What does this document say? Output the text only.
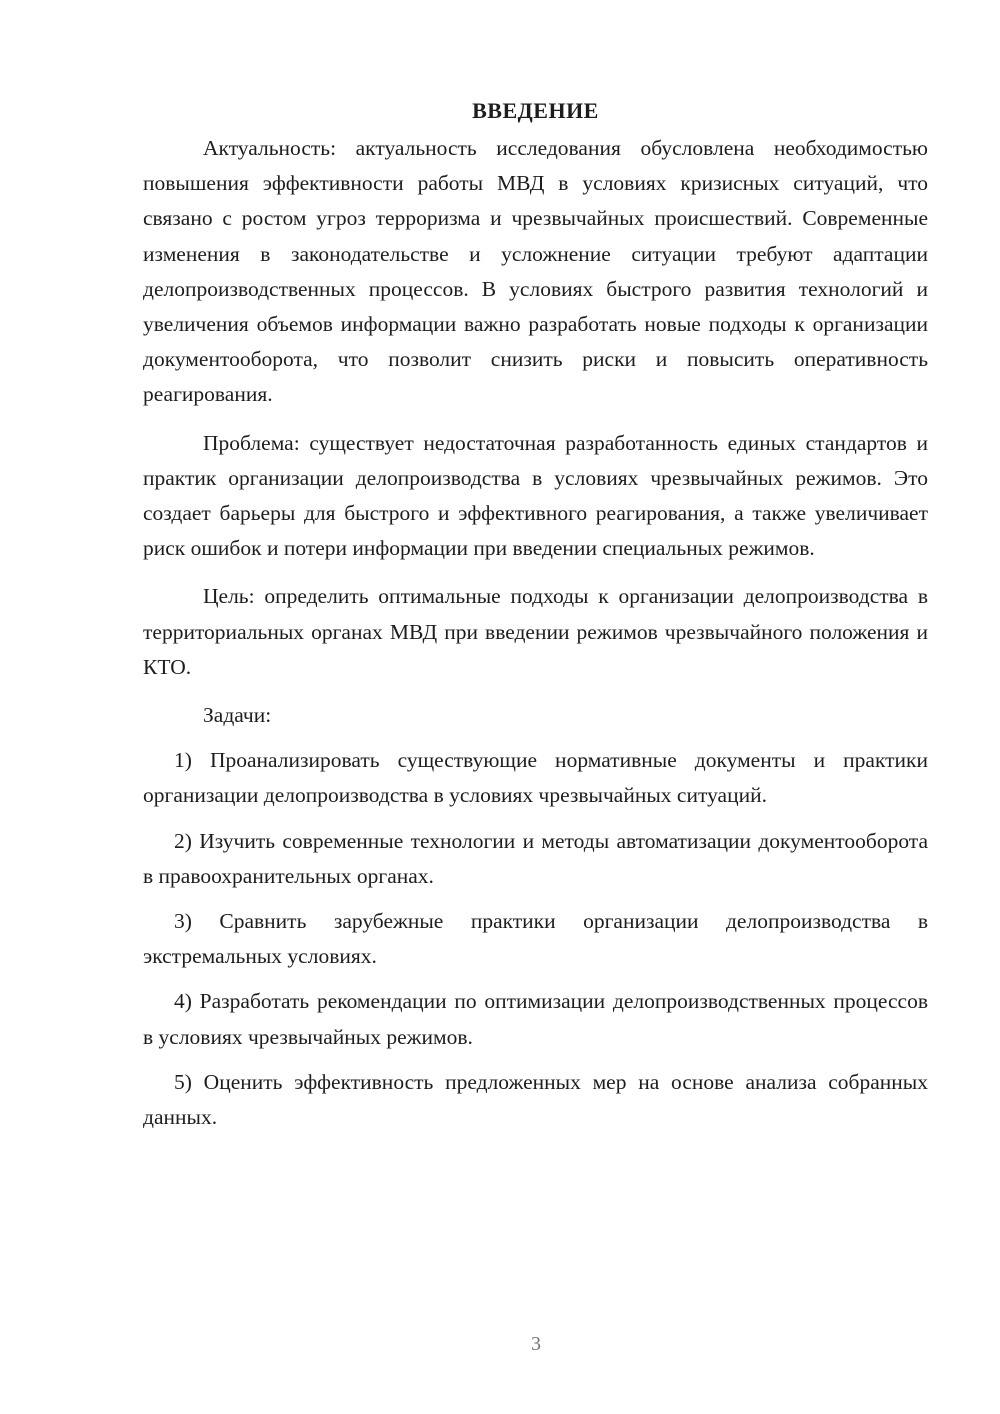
ВВЕДЕНИЕ

Актуальность: актуальность исследования обусловлена необходимостью повышения эффективности работы МВД в условиях кризисных ситуаций, что связано с ростом угроз терроризма и чрезвычайных происшествий. Современные изменения в законодательстве и усложнение ситуации требуют адаптации делопроизводственных процессов. В условиях быстрого развития технологий и увеличения объемов информации важно разработать новые подходы к организации документооборота, что позволит снизить риски и повысить оперативность реагирования.

Проблема: существует недостаточная разработанность единых стандартов и практик организации делопроизводства в условиях чрезвычайных режимов. Это создает барьеры для быстрого и эффективного реагирования, а также увеличивает риск ошибок и потери информации при введении специальных режимов.

Цель: определить оптимальные подходы к организации делопроизводства в территориальных органах МВД при введении режимов чрезвычайного положения и КТО.

Задачи:

1) Проанализировать существующие нормативные документы и практики организации делопроизводства в условиях чрезвычайных ситуаций.

2) Изучить современные технологии и методы автоматизации документооборота в правоохранительных органах.

3) Сравнить зарубежные практики организации делопроизводства в экстремальных условиях.

4) Разработать рекомендации по оптимизации делопроизводственных процессов в условиях чрезвычайных режимов.

5) Оценить эффективность предложенных мер на основе анализа собранных данных.

3
